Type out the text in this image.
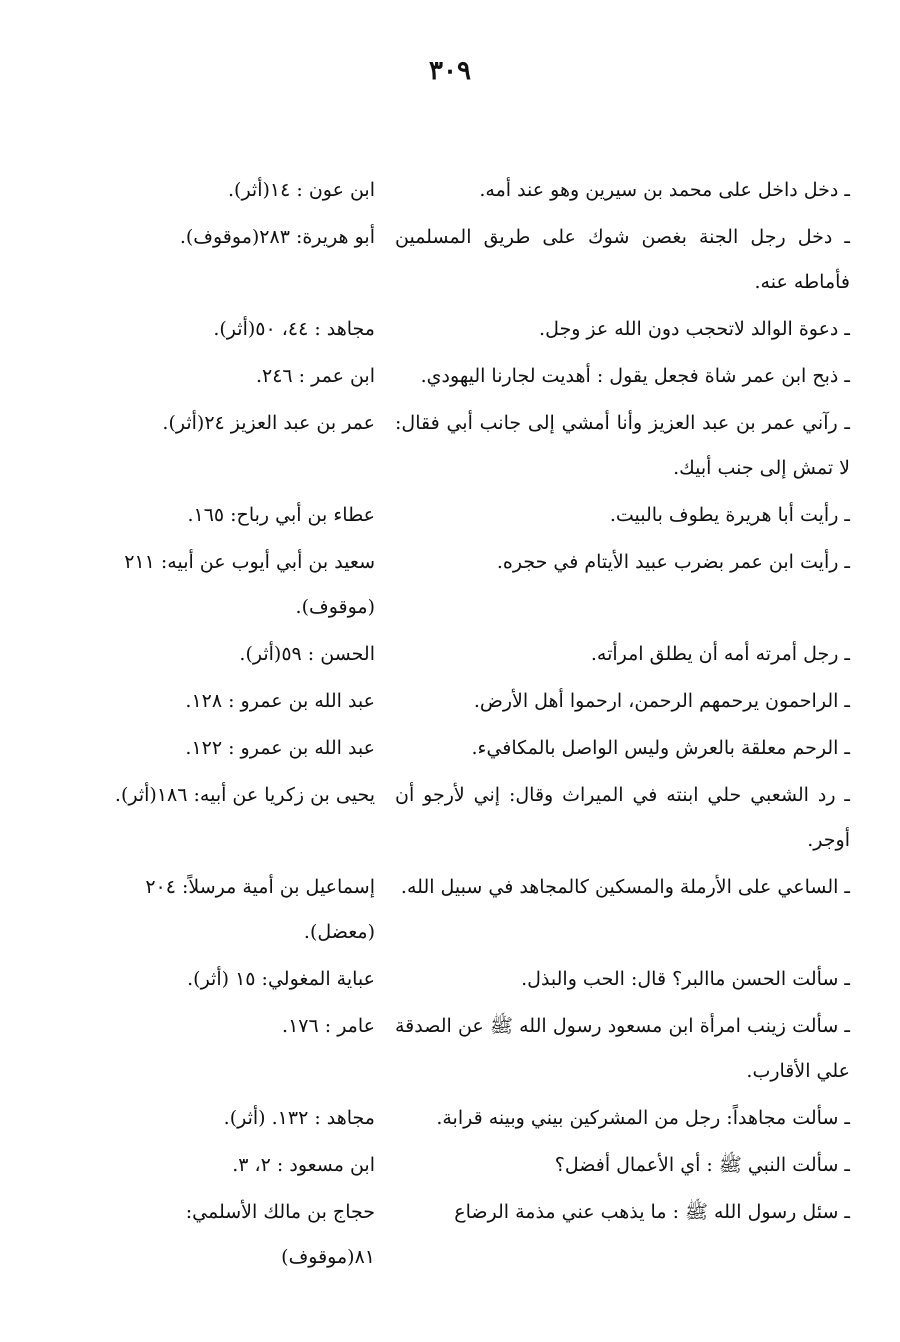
٣٠٩
ـ دخل داخل على محمد بن سيرين وهو عند أمه.
ابن عون : ١٤(أثر).
ـ دخل رجل الجنة بغصن شوك على طريق المسلمين فأماطه عنه.
أبو هريرة: ٢٨٣(موقوف).
ـ دعوة الوالد لاتحجب دون الله عز وجل.
مجاهد : ٤٤، ٥٠(أثر).
ـ ذبح ابن عمر شاة فجعل يقول : أهديت لجارنا اليهودي.
ابن عمر : ٢٤٦.
ـ رآني عمر بن عبد العزيز وأنا أمشي إلى جانب أبي فقال: لا تمش إلى جنب أبيك.
عمر بن عبد العزيز ٢٤(أثر).
ـ رأيت أبا هريرة يطوف بالبيت.
عطاء بن أبي رباح: ١٦٥.
ـ رأيت ابن عمر بضرب عبيد الأيتام في حجره.
سعيد بن أبي أيوب عن أبيه: ٢١١ (موقوف).
ـ رجل أمرته أمه أن يطلق امرأته.
الحسن : ٥٩(أثر).
ـ الراحمون يرحمهم الرحمن، ارحموا أهل الأرض.
عبد الله بن عمرو : ١٢٨.
ـ الرحم معلقة بالعرش وليس الواصل بالمكافيء.
عبد الله بن عمرو : ١٢٢.
ـ رد الشعبي حلي ابنته في الميراث وقال: إني لأرجو أن أوجر.
يحيى بن زكريا عن أبيه: ١٨٦(أثر).
ـ الساعي على الأرملة والمسكين كالمجاهد في سبيل الله.
إسماعيل بن أمية مرسلاً: ٢٠٤ (معضل).
ـ سألت الحسن ماالبر؟ قال: الحب والبذل.
عباية المغولي: ١٥ (أثر).
ـ سألت زينب امرأة ابن مسعود رسول الله ﷺ عن الصدقة علي الأقارب.
عامر : ١٧٦.
ـ سألت مجاهداً: رجل من المشركين بيني وبينه قرابة.
مجاهد : ١٣٢. (أثر).
ـ سألت النبي ﷺ : أي الأعمال أفضل؟
ابن مسعود : ٢، ٣.
ـ سئل رسول الله ﷺ : ما يذهب عني مذمة الرضاع
حجاج بن مالك الأسلمي: ٨١(موقوف)
